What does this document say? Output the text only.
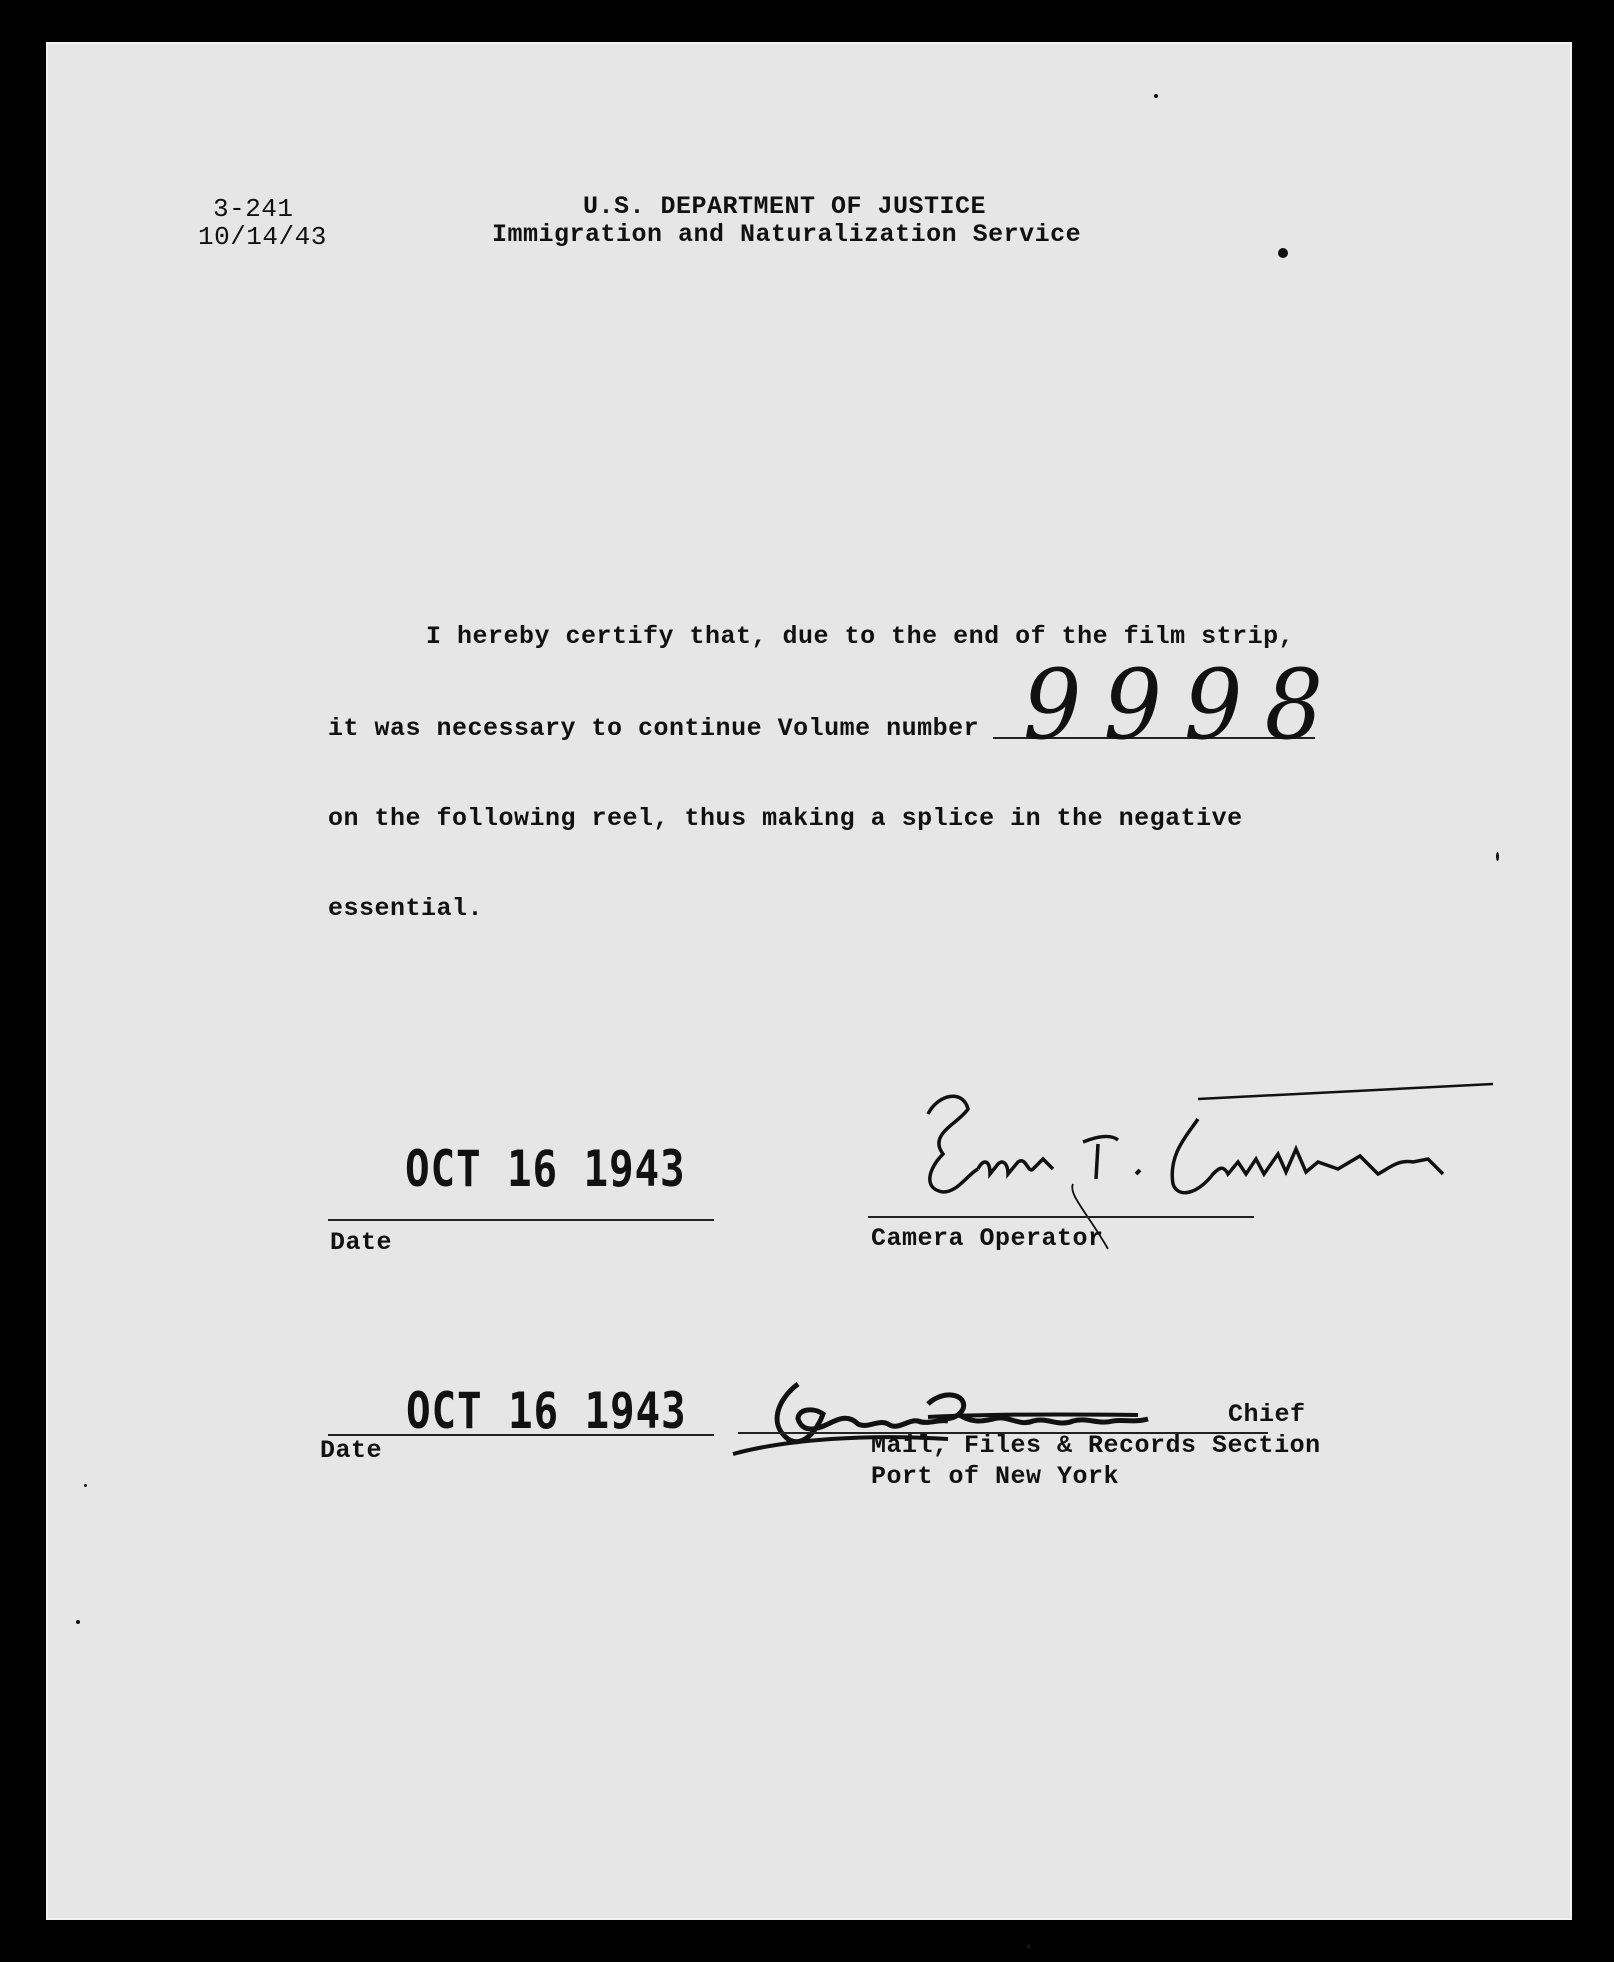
3-241
10/14/43
U.S. DEPARTMENT OF JUSTICE
Immigration and Naturalization Service
I hereby certify that, due to the end of the film strip,
it was necessary to continue Volume number 9998
on the following reel, thus making a splice in the negative
essential.
OCT 16 1943
Date	Camera Operator
OCT 16 1943
Date
Chief
Mail, Files & Records Section
Port of New York
